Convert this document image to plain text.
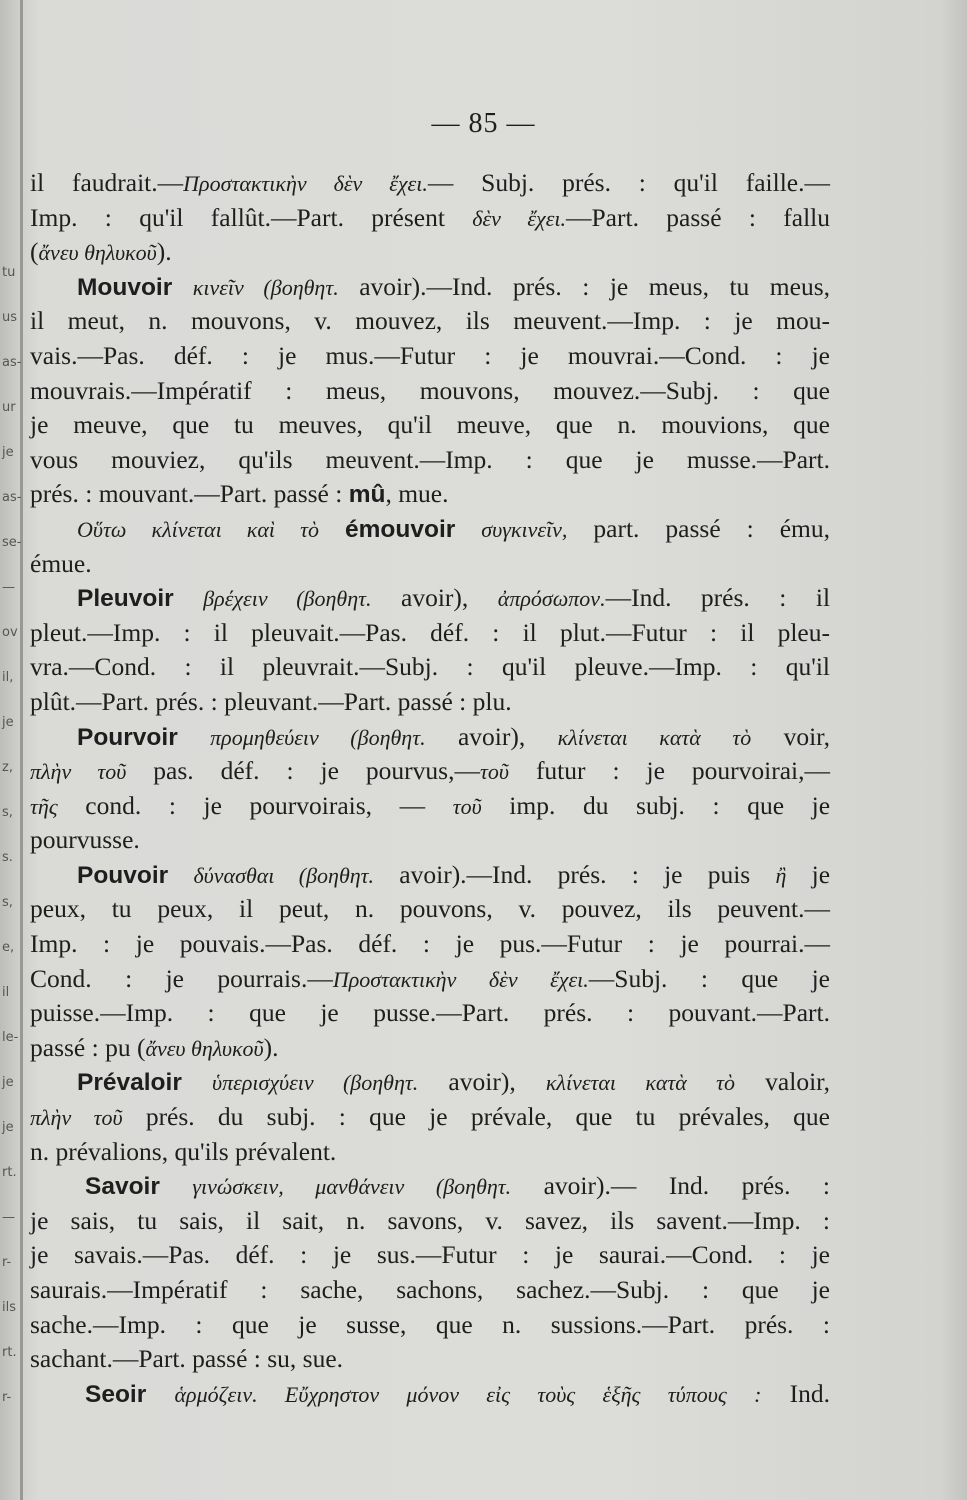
tu
us
as-
ur
je
as-
se-
—
ov
il,
je
z,
s,
s.
s,
e,
il
le-
je
je
rt.
—
r-
ils
rt.
r-
— 85 —
il faudrait.—Προστακτικὴν δὲν ἔχει.— Subj. prés. : qu'il faille.—
Imp. : qu'il fallût.—Part. présent δὲν ἔχει.—Part. passé : fallu
(ἄνευ θηλυκοῦ).
Mouvoir κινεῖν (βοηθητ. avoir).—Ind. prés. : je meus, tu meus,
il meut, n. mouvons, v. mouvez, ils meuvent.—Imp. : je mou-
vais.—Pas. déf. : je mus.—Futur : je mouvrai.—Cond. : je
mouvrais.—Impératif : meus, mouvons, mouvez.—Subj. : que
je meuve, que tu meuves, qu'il meuve, que n. mouvions, que
vous mouviez, qu'ils meuvent.—Imp. : que je musse.—Part.
prés. : mouvant.—Part. passé : mû, mue.
Οὕτω κλίνεται καὶ τὸ émouvoir συγκινεῖν, part. passé : ému,
émue.
Pleuvoir βρέχειν (βοηθητ. avoir), ἀπρόσωπον.—Ind. prés. : il
pleut.—Imp. : il pleuvait.—Pas. déf. : il plut.—Futur : il pleu-
vra.—Cond. : il pleuvrait.—Subj. : qu'il pleuve.—Imp. : qu'il
plût.—Part. prés. : pleuvant.—Part. passé : plu.
Pourvoir προμηθεύειν (βοηθητ. avoir), κλίνεται κατὰ τὸ voir,
πλὴν τοῦ pas. déf. : je pourvus,—τοῦ futur : je pourvoirai,—
τῆς cond. : je pourvoirais, — τοῦ imp. du subj. : que je
pourvusse.
Pouvoir δύνασθαι (βοηθητ. avoir).—Ind. prés. : je puis ἢ je
peux, tu peux, il peut, n. pouvons, v. pouvez, ils peuvent.—
Imp. : je pouvais.—Pas. déf. : je pus.—Futur : je pourrai.—
Cond. : je pourrais.—Προστακτικὴν δὲν ἔχει.—Subj. : que je
puisse.—Imp. : que je pusse.—Part. prés. : pouvant.—Part.
passé : pu (ἄνευ θηλυκοῦ).
Prévaloir ὑπερισχύειν (βοηθητ. avoir), κλίνεται κατὰ τὸ valoir,
πλὴν τοῦ prés. du subj. : que je prévale, que tu prévales, que
n. prévalions, qu'ils prévalent.
Savoir γινώσκειν, μανθάνειν (βοηθητ. avoir).— Ind. prés. :
je sais, tu sais, il sait, n. savons, v. savez, ils savent.—Imp. :
je savais.—Pas. déf. : je sus.—Futur : je saurai.—Cond. : je
saurais.—Impératif : sache, sachons, sachez.—Subj. : que je
sache.—Imp. : que je susse, que n. sussions.—Part. prés. :
sachant.—Part. passé : su, sue.
Seoir ἁρμόζειν. Εὔχρηστον μόνον εἰς τοὺς ἑξῆς τύπους : Ind.
